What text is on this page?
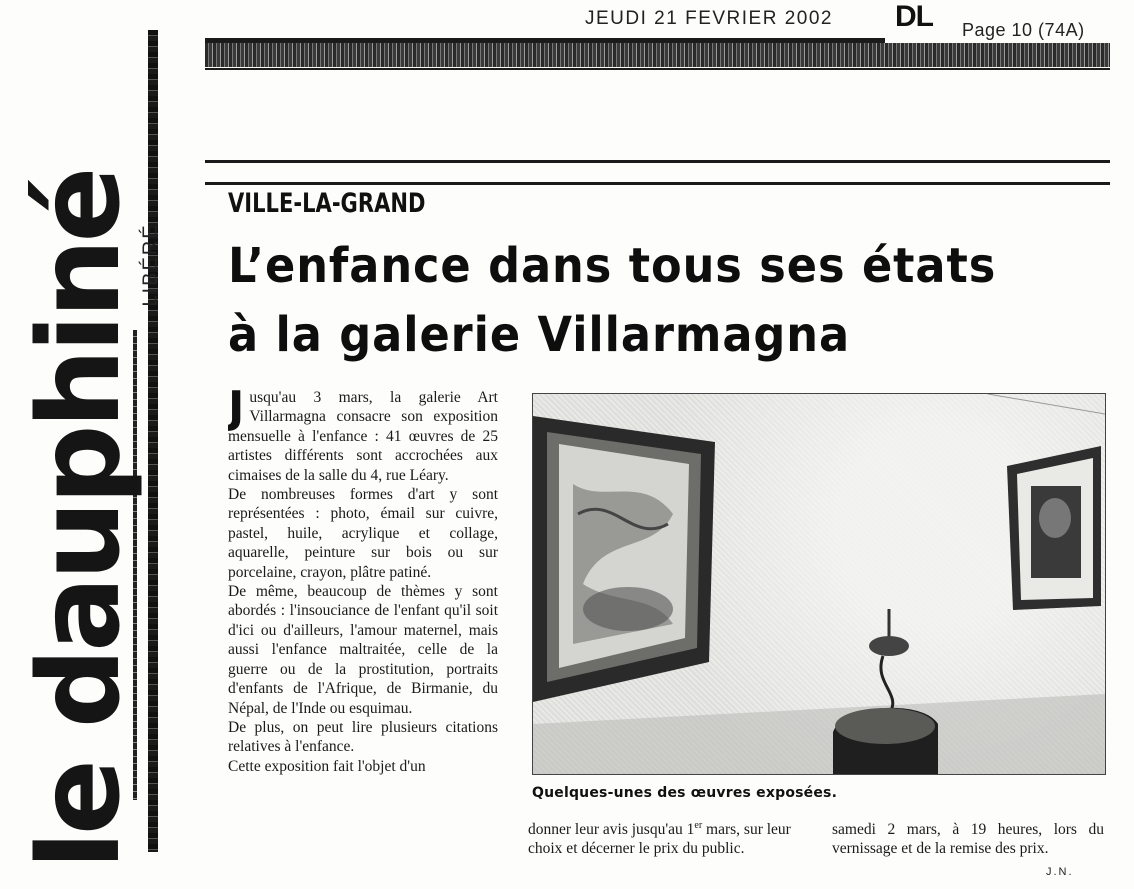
JEUDI 21 FEVRIER 2002 DL Page 10 (74A)
le dauphiné
LIBÉRÉ
VILLE-LA-GRAND
L’enfance dans tous ses états
à la galerie Villarmagna

Jusqu'au 3 mars, la galerie Art Villarmagna consacre son exposition mensuelle à l'enfance : 41 œuvres de 25 artistes différents sont accrochées aux cimaises de la salle du 4, rue Léary.

De nombreuses formes d'art y sont représentées : photo, émail sur cuivre, pastel, huile, acrylique et collage, aquarelle, peinture sur bois ou sur porcelaine, crayon, plâtre patiné.

De même, beaucoup de thèmes y sont abordés : l'insouciance de l'enfant qu'il soit d'ici ou d'ailleurs, l'amour maternel, mais aussi l'enfance maltraitée, celle de la guerre ou de la prostitution, portraits d'enfants de l'Afrique, de Birmanie, du Népal, de l'Inde ou esquimau.

De plus, on peut lire plusieurs citations relatives à l'enfance.

Cette exposition fait l'objet d'un

Quelques-unes des œuvres exposées.
donner leur avis jusqu'au 1er mars, sur leur choix et décerner le prix du public.
samedi 2 mars, à 19 heures, lors du vernissage et de la remise des prix.
J.N.
